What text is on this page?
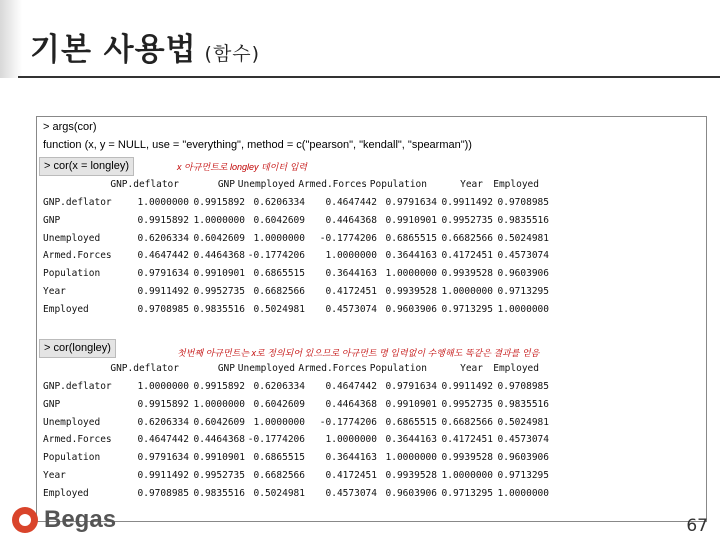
기본 사용법 (함수)
> args(cor)
function (x, y = NULL, use = "everything", method = c("pearson", "kendall", "spearman"))
> cor(x = longley)	x 아규먼트로 longley 데이터 입력
GNP.deflator	GNP Unemployed Armed.Forces Population	Year Employed
GNP.deflator	1.0000000 0.9915892 0.6206334 0.4647442 0.9791634 0.9911492 0.9708985
GNP	0.9915892 1.0000000 0.6042609 0.4464368 0.9910901 0.9952735 0.9835516
Unemployed	0.6206334 0.6042609 1.0000000 -0.1774206 0.6865515 0.6682566 0.5024981
Armed.Forces	0.4647442 0.4464368 -0.1774206 1.0000000 0.3644163 0.4172451 0.4573074
Population	0.9791634 0.9910901 0.6865515 0.3644163 1.0000000 0.9939528 0.9603906
Year	0.9911492 0.9952735 0.6682566 0.4172451 0.9939528 1.0000000 0.9713295
Employed	0.9708985 0.9835516 0.5024981 0.4573074 0.9603906 0.9713295 1.0000000
> cor(longley)	첫번째 아규먼트는 x로 정의되어 있으므로 아규먼트 명 입력없이 수행해도 똑같은 결과를 얻음
GNP.deflator	GNP Unemployed Armed.Forces Population	Year Employed
GNP.deflator	1.0000000 0.9915892 0.6206334 0.4647442 0.9791634 0.9911492 0.9708985
GNP	0.9915892 1.0000000 0.6042609 0.4464368 0.9910901 0.9952735 0.9835516
Unemployed	0.6206334 0.6042609 1.0000000 -0.1774206 0.6865515 0.6682566 0.5024981
Armed.Forces	0.4647442 0.4464368 -0.1774206 1.0000000 0.3644163 0.4172451 0.4573074
Population	0.9791634 0.9910901 0.6865515 0.3644163 1.0000000 0.9939528 0.9603906
Year	0.9911492 0.9952735 0.6682566 0.4172451 0.9939528 1.0000000 0.9713295
Employed	0.9708985 0.9835516 0.5024981 0.4573074 0.9603906 0.9713295 1.0000000
Begas	67
